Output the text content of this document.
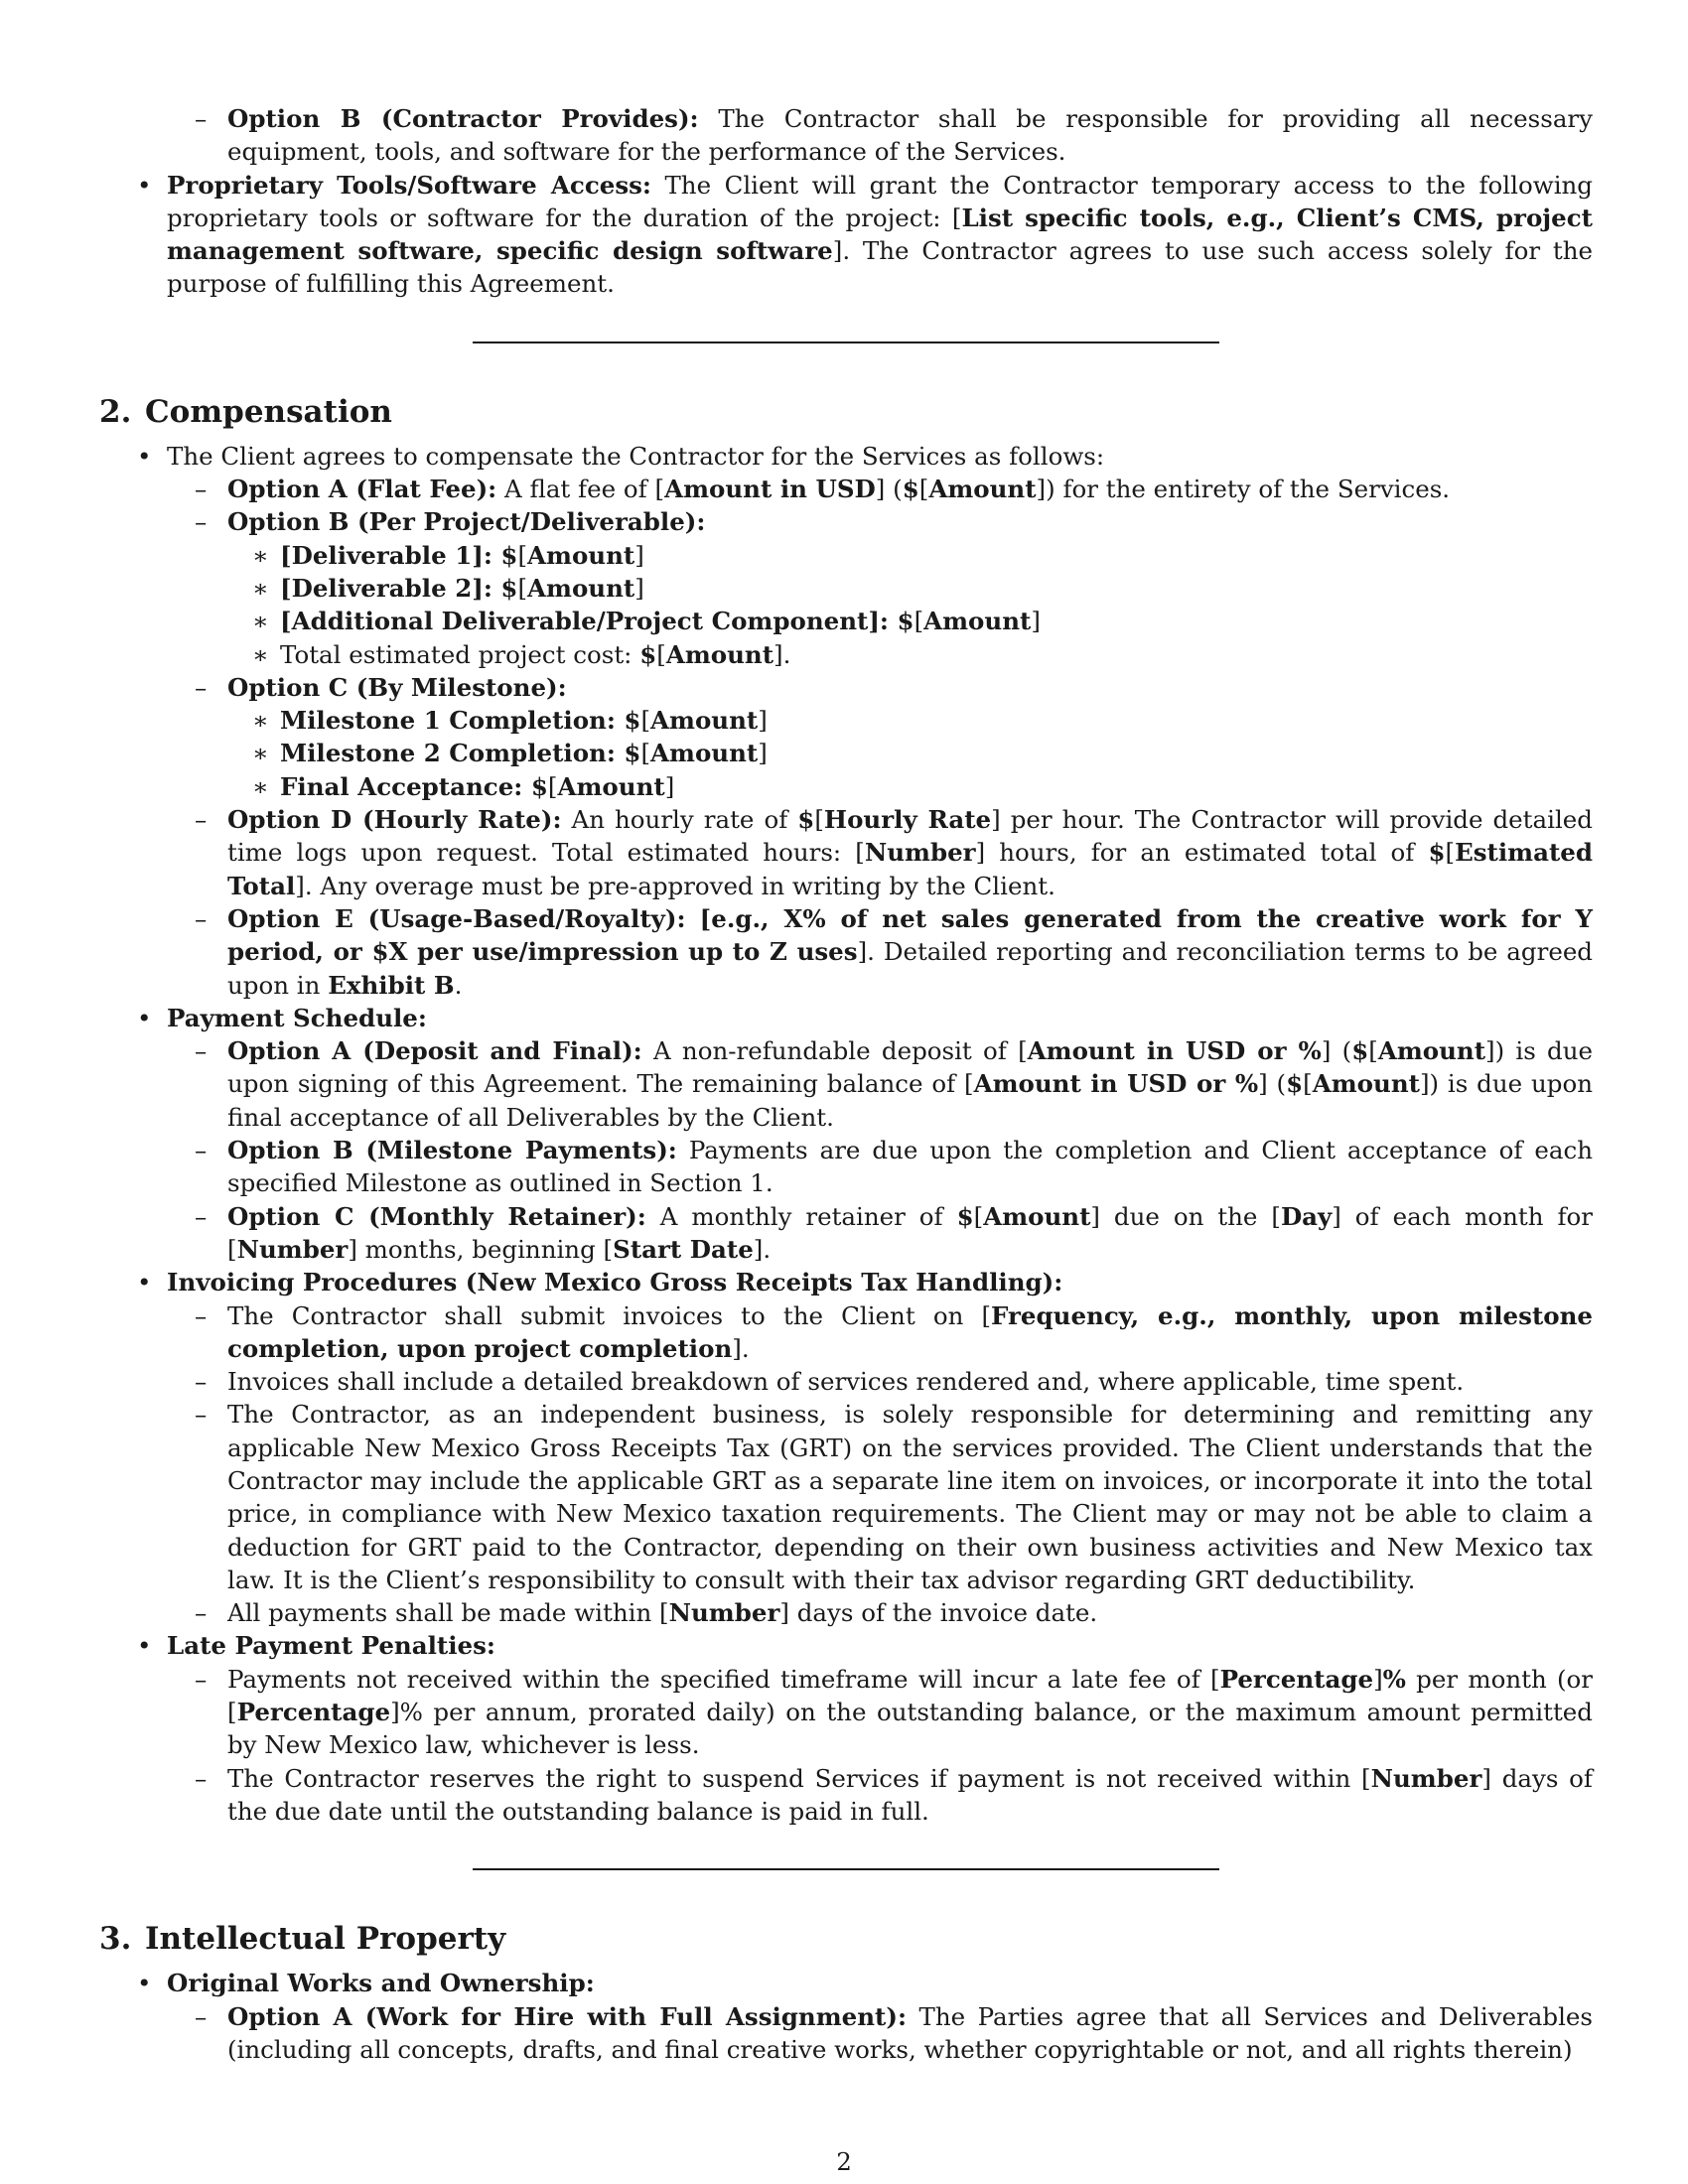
– Option B (Contractor Provides): The Contractor shall be responsible for providing all necessary equipment, tools, and software for the performance of the Services.
• Proprietary Tools/Software Access: The Client will grant the Contractor temporary access to the following proprietary tools or software for the duration of the project: [List specific tools, e.g., Client’s CMS, project management software, specific design software]. The Contractor agrees to use such access solely for the purpose of fulfilling this Agreement.
2. Compensation
• The Client agrees to compensate the Contractor for the Services as follows:
– Option A (Flat Fee): A flat fee of [Amount in USD] ($[Amount]) for the entirety of the Services.
– Option B (Per Project/Deliverable):
∗ [Deliverable 1]: $[Amount]
∗ [Deliverable 2]: $[Amount]
∗ [Additional Deliverable/Project Component]: $[Amount]
∗ Total estimated project cost: $[Amount].
– Option C (By Milestone):
∗ Milestone 1 Completion: $[Amount]
∗ Milestone 2 Completion: $[Amount]
∗ Final Acceptance: $[Amount]
– Option D (Hourly Rate): An hourly rate of $[Hourly Rate] per hour. The Contractor will provide detailed time logs upon request. Total estimated hours: [Number] hours, for an estimated total of $[Estimated Total]. Any overage must be pre-approved in writing by the Client.
– Option E (Usage-Based/Royalty): [e.g., X% of net sales generated from the creative work for Y period, or $X per use/impression up to Z uses]. Detailed reporting and reconciliation terms to be agreed upon in Exhibit B.
• Payment Schedule:
– Option A (Deposit and Final): A non-refundable deposit of [Amount in USD or %] ($[Amount]) is due upon signing of this Agreement. The remaining balance of [Amount in USD or %] ($[Amount]) is due upon final acceptance of all Deliverables by the Client.
– Option B (Milestone Payments): Payments are due upon the completion and Client acceptance of each specified Milestone as outlined in Section 1.
– Option C (Monthly Retainer): A monthly retainer of $[Amount] due on the [Day] of each month for [Number] months, beginning [Start Date].
• Invoicing Procedures (New Mexico Gross Receipts Tax Handling):
– The Contractor shall submit invoices to the Client on [Frequency, e.g., monthly, upon milestone completion, upon project completion].
– Invoices shall include a detailed breakdown of services rendered and, where applicable, time spent.
– The Contractor, as an independent business, is solely responsible for determining and remitting any applicable New Mexico Gross Receipts Tax (GRT) on the services provided. The Client understands that the Contractor may include the applicable GRT as a separate line item on invoices, or incorporate it into the total price, in compliance with New Mexico taxation requirements. The Client may or may not be able to claim a deduction for GRT paid to the Contractor, depending on their own business activities and New Mexico tax law. It is the Client’s responsibility to consult with their tax advisor regarding GRT deductibility.
– All payments shall be made within [Number] days of the invoice date.
• Late Payment Penalties:
– Payments not received within the specified timeframe will incur a late fee of [Percentage]% per month (or [Percentage]% per annum, prorated daily) on the outstanding balance, or the maximum amount permitted by New Mexico law, whichever is less.
– The Contractor reserves the right to suspend Services if payment is not received within [Number] days of the due date until the outstanding balance is paid in full.
3. Intellectual Property
• Original Works and Ownership:
– Option A (Work for Hire with Full Assignment): The Parties agree that all Services and Deliverables (including all concepts, drafts, and final creative works, whether copyrightable or not, and all rights therein)
2
